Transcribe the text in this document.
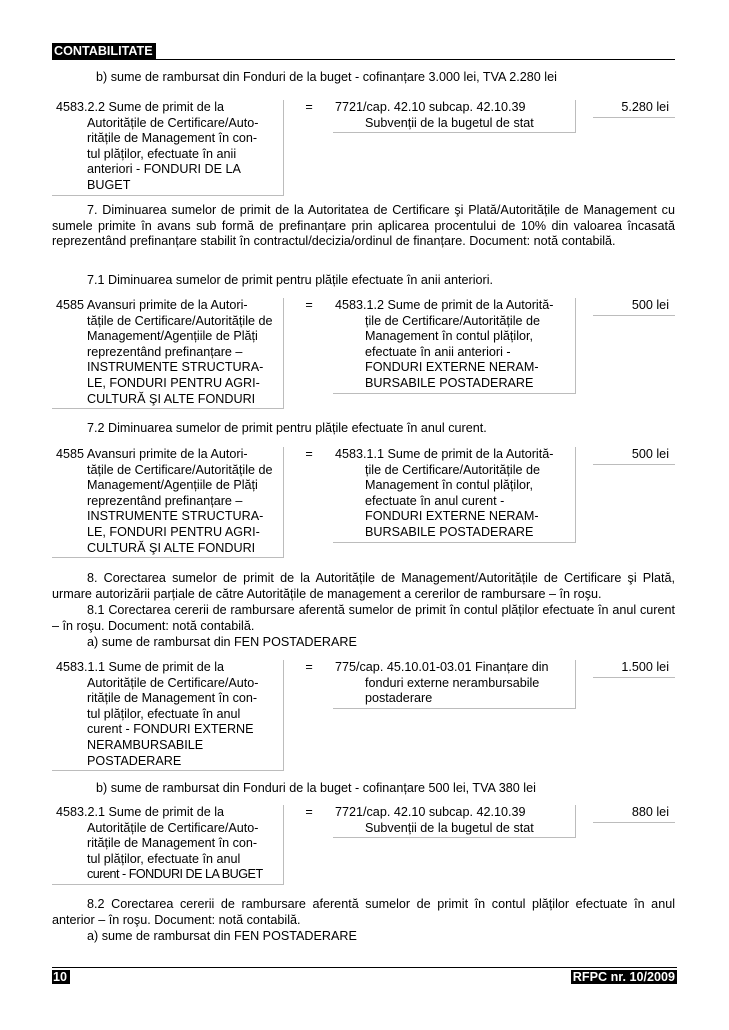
CONTABILITATE
b) sume de rambursat din Fonduri de la buget - cofinanțare 3.000 lei, TVA 2.280 lei
4583.2.2 Sume de primit de la
Autoritățile de Certificare/Auto-
ritățile de Management în con-
tul plăților, efectuate în anii
anteriori - FONDURI DE LA
BUGET
=	7721/cap. 42.10 subcap. 42.10.39
Subvenții de la bugetul de stat
5.280 lei

7. Diminuarea sumelor de primit de la Autoritatea de Certificare şi Plată/Autoritățile de Management cu sumele primite în avans sub formă de prefinanțare prin aplicarea procentului de 10% din valoarea încasată reprezentând prefinanțare stabilit în contractul/decizia/ordinul de finanțare. Document: notă contabilă.

7.1 Diminuarea sumelor de primit pentru plățile efectuate în anii anteriori.

4585 Avansuri primite de la Autori-
tățile de Certificare/Autoritățile de
Management/Agențiile de Plăți
reprezentând prefinanțare –
INSTRUMENTE STRUCTURA-
LE, FONDURI PENTRU AGRI-
CULTURĂ ŞI ALTE FONDURI
=	4583.1.2 Sume de primit de la Autorită-
țile de Certificare/Autoritățile de
Management în contul plăților,
efectuate în anii anteriori -
FONDURI EXTERNE NERAM-
BURSABILE POSTADERARE
500 lei

7.2 Diminuarea sumelor de primit pentru plățile efectuate în anul curent.

4585 Avansuri primite de la Autori-
tățile de Certificare/Autoritățile de
Management/Agențiile de Plăți
reprezentând prefinanțare –
INSTRUMENTE STRUCTURA-
LE, FONDURI PENTRU AGRI-
CULTURĂ ŞI ALTE FONDURI
=	4583.1.1 Sume de primit de la Autorită-
țile de Certificare/Autoritățile de
Management în contul plăților,
efectuate în anul curent -
FONDURI EXTERNE NERAM-
BURSABILE POSTADERARE
500 lei

8. Corectarea sumelor de primit de la Autoritățile de Management/Autoritățile de Certificare şi Plată, urmare autorizării parțiale de către Autoritățile de management a cererilor de rambursare – în roşu.

8.1 Corectarea cererii de rambursare aferentă sumelor de primit în contul plăților efectuate în anul curent – în roşu. Document: notă contabilă.

a) sume de rambursat din FEN POSTADERARE

4583.1.1 Sume de primit de la
Autoritățile de Certificare/Auto-
ritățile de Management în con-
tul plăților, efectuate în anul
curent - FONDURI EXTERNE
NERAMBURSABILE
POSTADERARE
=	775/cap. 45.10.01-03.01 Finanțare din
fonduri externe nerambursabile
postaderare
1.500 lei
b) sume de rambursat din Fonduri de la buget - cofinanțare 500 lei, TVA 380 lei
4583.2.1 Sume de primit de la
Autoritățile de Certificare/Auto-
ritățile de Management în con-
tul plăților, efectuate în anul
curent - FONDURI DE LA BUGET
=	7721/cap. 42.10 subcap. 42.10.39
Subvenții de la bugetul de stat
880 lei

8.2 Corectarea cererii de rambursare aferentă sumelor de primit în contul plăților efectuate în anul anterior – în roşu. Document: notă contabilă.

a) sume de rambursat din FEN POSTADERARE

10	RFPC nr. 10/2009
